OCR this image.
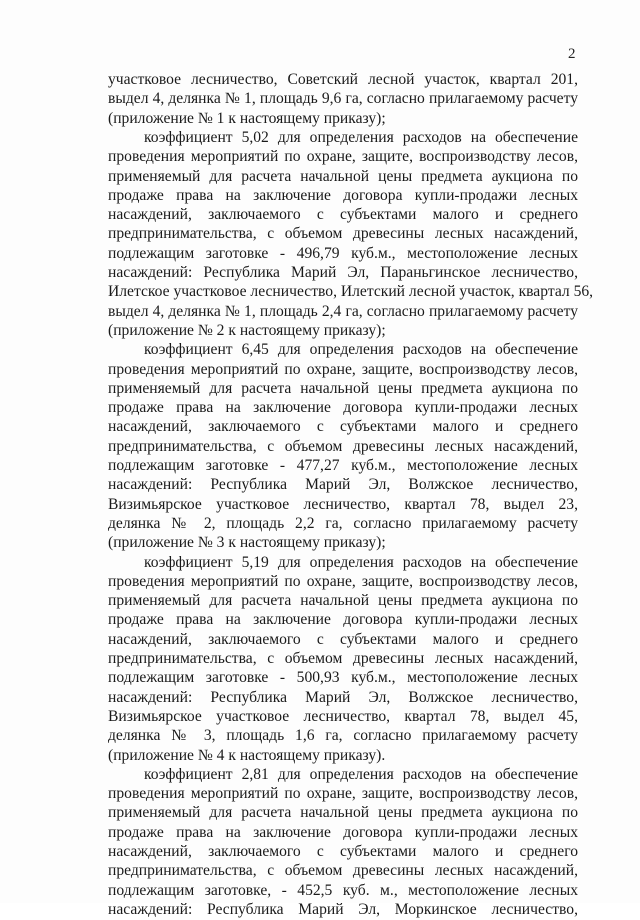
2
участковое лесничество, Советский лесной участок, квартал 201,
выдел 4, делянка № 1, площадь 9,6 га, согласно прилагаемому расчету
(приложение № 1 к настоящему приказу);
коэффициент 5,02 для определения расходов на обеспечение
проведения мероприятий по охране, защите, воспроизводству лесов,
применяемый для расчета начальной цены предмета аукциона по
продаже права на заключение договора купли-продажи лесных
насаждений, заключаемого с субъектами малого и среднего
предпринимательства, с объемом древесины лесных насаждений,
подлежащим заготовке - 496,79 куб.м., местоположение лесных
насаждений: Республика Марий Эл, Параньгинское лесничество,
Илетское участковое лесничество, Илетский лесной участок, квартал 56,
выдел 4, делянка № 1, площадь 2,4 га, согласно прилагаемому расчету
(приложение № 2 к настоящему приказу);
коэффициент 6,45 для определения расходов на обеспечение
проведения мероприятий по охране, защите, воспроизводству лесов,
применяемый для расчета начальной цены предмета аукциона по
продаже права на заключение договора купли-продажи лесных
насаждений, заключаемого с субъектами малого и среднего
предпринимательства, с объемом древесины лесных насаждений,
подлежащим заготовке - 477,27 куб.м., местоположение лесных
насаждений: Республика Марий Эл, Волжское лесничество,
Визимьярское участковое лесничество, квартал 78, выдел 23,
делянка № 2, площадь 2,2 га, согласно прилагаемому расчету
(приложение № 3 к настоящему приказу);
коэффициент 5,19 для определения расходов на обеспечение
проведения мероприятий по охране, защите, воспроизводству лесов,
применяемый для расчета начальной цены предмета аукциона по
продаже права на заключение договора купли-продажи лесных
насаждений, заключаемого с субъектами малого и среднего
предпринимательства, с объемом древесины лесных насаждений,
подлежащим заготовке - 500,93 куб.м., местоположение лесных
насаждений: Республика Марий Эл, Волжское лесничество,
Визимьярское участковое лесничество, квартал 78, выдел 45,
делянка № 3, площадь 1,6 га, согласно прилагаемому расчету
(приложение № 4 к настоящему приказу).
коэффициент 2,81 для определения расходов на обеспечение
проведения мероприятий по охране, защите, воспроизводству лесов,
применяемый для расчета начальной цены предмета аукциона по
продаже права на заключение договора купли-продажи лесных
насаждений, заключаемого с субъектами малого и среднего
предпринимательства, с объемом древесины лесных насаждений,
подлежащим заготовке, - 452,5 куб. м., местоположение лесных
насаждений: Республика Марий Эл, Моркинское лесничество,
